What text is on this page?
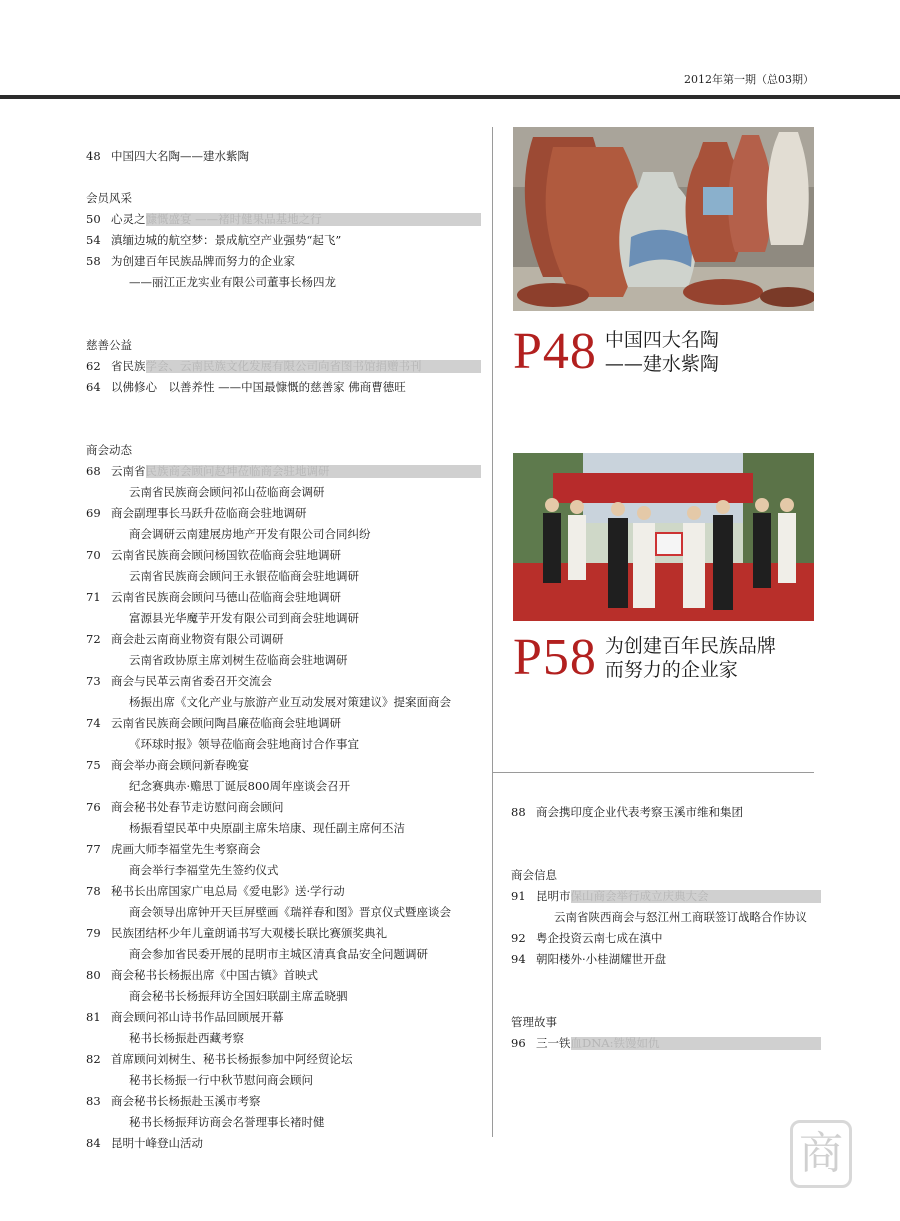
2012年第一期（总03期）
48 中国四大名陶——建水紫陶
会员风采
50 心灵之 慷慨盛宴 ——褚时健果品基地之行
54 滇缅边城的航空梦：景成航空产业强势“起飞”
58 为创建百年民族品牌而努力的企业家
——丽江正龙实业有限公司董事长杨四龙
慈善公益
62 省民族 学会、云南民族文化发展有限公司向省图书馆捐赠书刊
64 以佛修心　以善养性 ——中国最慷慨的慈善家 佛商曹德旺
商会动态
68 云南省 民族商会顾问赵坤莅临商会驻地调研
云南省民族商会顾问祁山莅临商会调研
69 商会副理事长马跃升莅临商会驻地调研
商会调研云南建展房地产开发有限公司合同纠纷
70 云南省民族商会顾问杨国钦莅临商会驻地调研
云南省民族商会顾问王永银莅临商会驻地调研
71 云南省民族商会顾问马德山莅临商会驻地调研
富源县光华魔芋开发有限公司到商会驻地调研
72 商会赴云南商业物资有限公司调研
云南省政协原主席刘树生莅临商会驻地调研
73 商会与民革云南省委召开交流会
杨振出席《文化产业与旅游产业互动发展对策建议》提案面商会
74 云南省民族商会顾问陶昌廉莅临商会驻地调研
《环球时报》领导莅临商会驻地商讨合作事宜
75 商会举办商会顾问新春晚宴
纪念赛典赤·赡思丁诞辰800周年座谈会召开
76 商会秘书处春节走访慰问商会顾问
杨振看望民革中央原副主席朱培康、现任副主席何丕洁
77 虎画大师李福堂先生考察商会
商会举行李福堂先生签约仪式
78 秘书长出席国家广电总局《爱电影》送·学行动
商会领导出席钟开天巨屏壁画《瑞祥春和图》晋京仪式暨座谈会
79 民族团结杯少年儿童朗诵书写大观楼长联比赛颁奖典礼
商会参加省民委开展的昆明市主城区清真食品安全问题调研
80 商会秘书长杨振出席《中国古镇》首映式
商会秘书长杨振拜访全国妇联副主席孟晓驷
81 商会顾问祁山诗书作品回顾展开幕
秘书长杨振赴西藏考察
82 首席顾问刘树生、秘书长杨振参加中阿经贸论坛
秘书长杨振一行中秋节慰问商会顾问
83 商会秘书长杨振赴玉溪市考察
秘书长杨振拜访商会名誉理事长褚时健
84 昆明十峰登山活动
88 商会携印度企业代表考察玉溪市维和集团
商会信息
91 昆明市 保山商会举行成立庆典大会
云南省陕西商会与怒江州工商联签订战略合作协议
92 粤企投资云南七成在滇中
94 朝阳楼外·小桂湖耀世开盘
管理故事
96 三一铁 血DNA:铁馒如仇
P48 中国四大名陶
——建水紫陶
P58 为创建百年民族品牌
而努力的企业家
商
